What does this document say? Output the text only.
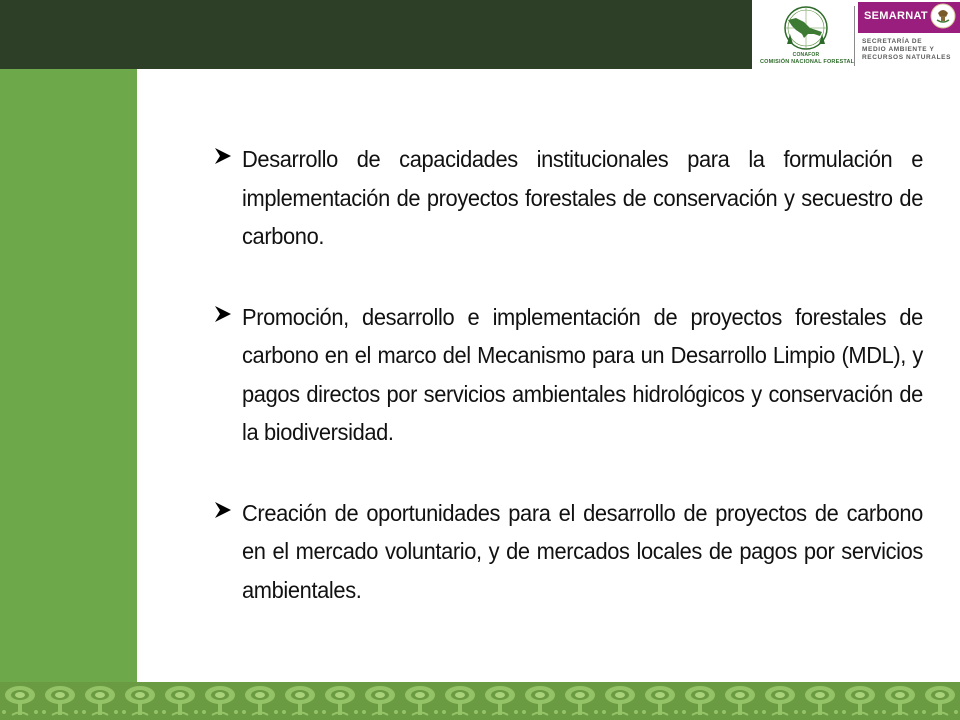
CONAFOR
COMISIÓN NACIONAL FORESTAL
SEMARNAT
SECRETARÍA DE
MEDIO AMBIENTE Y
RECURSOS NATURALES
Desarrollo de capacidades institucionales para la formulación e implementación de proyectos forestales de conservación y secuestro de carbono.
Promoción, desarrollo e implementación de proyectos forestales de carbono en el marco del Mecanismo para un Desarrollo Limpio (MDL), y pagos directos por servicios ambientales hidrológicos y conservación de la biodiversidad.
Creación de oportunidades para el desarrollo de proyectos de carbono en el mercado voluntario, y de mercados locales de pagos por servicios ambientales.
